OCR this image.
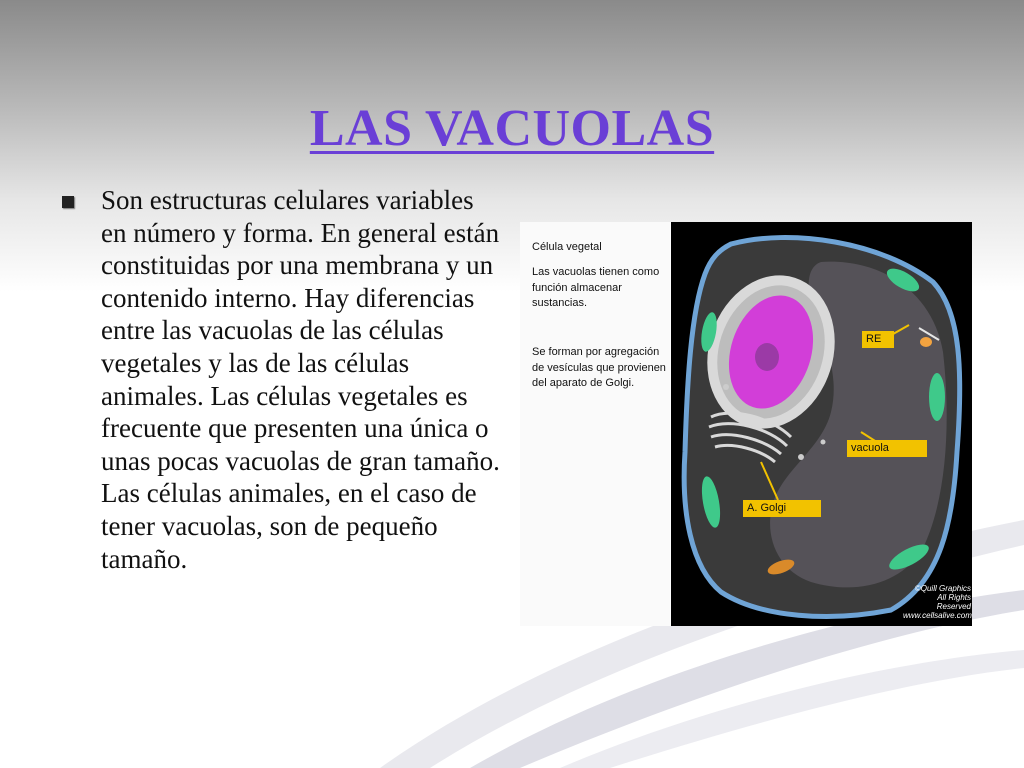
LAS VACUOLAS

Son estructuras celulares variables en número y forma. En general están constituidas por una membrana y un contenido interno. Hay diferencias entre las vacuolas de las células vegetales y las de las células animales. Las células vegetales es frecuente que presenten una única o unas pocas vacuolas de gran tamaño. Las células animales, en el caso de tener vacuolas, son de pequeño tamaño.

Célula vegetal
Las vacuolas tienen como función almacenar sustancias.
Se forman por agregación de vesículas que provienen del aparato de Golgi.
RE
vacuola
A. Golgi
©Quill Graphics
All Rights Reserved
www.cellsalive.com
